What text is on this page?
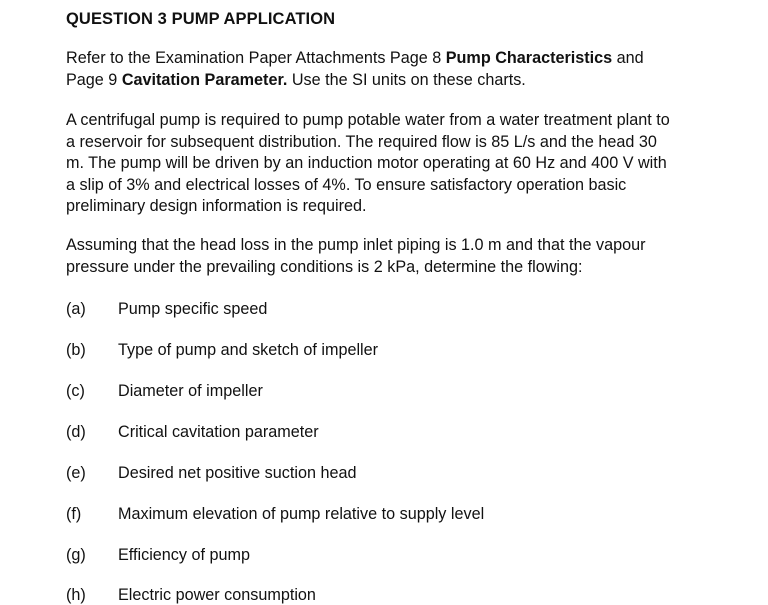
QUESTION 3 PUMP APPLICATION
Refer to the Examination Paper Attachments Page 8 Pump Characteristics and
Page 9 Cavitation Parameter. Use the SI units on these charts.
A centrifugal pump is required to pump potable water from a water treatment plant to
a reservoir for subsequent distribution. The required flow is 85 L/s and the head 30
m. The pump will be driven by an induction motor operating at 60 Hz and 400 V with
a slip of 3% and electrical losses of 4%. To ensure satisfactory operation basic
preliminary design information is required.
Assuming that the head loss in the pump inlet piping is 1.0 m and that the vapour
pressure under the prevailing conditions is 2 kPa, determine the flowing:
(a)	Pump specific speed
(b)	Type of pump and sketch of impeller
(c)	Diameter of impeller
(d)	Critical cavitation parameter
(e)	Desired net positive suction head
(f)	Maximum elevation of pump relative to supply level
(g)	Efficiency of pump
(h)	Electric power consumption
